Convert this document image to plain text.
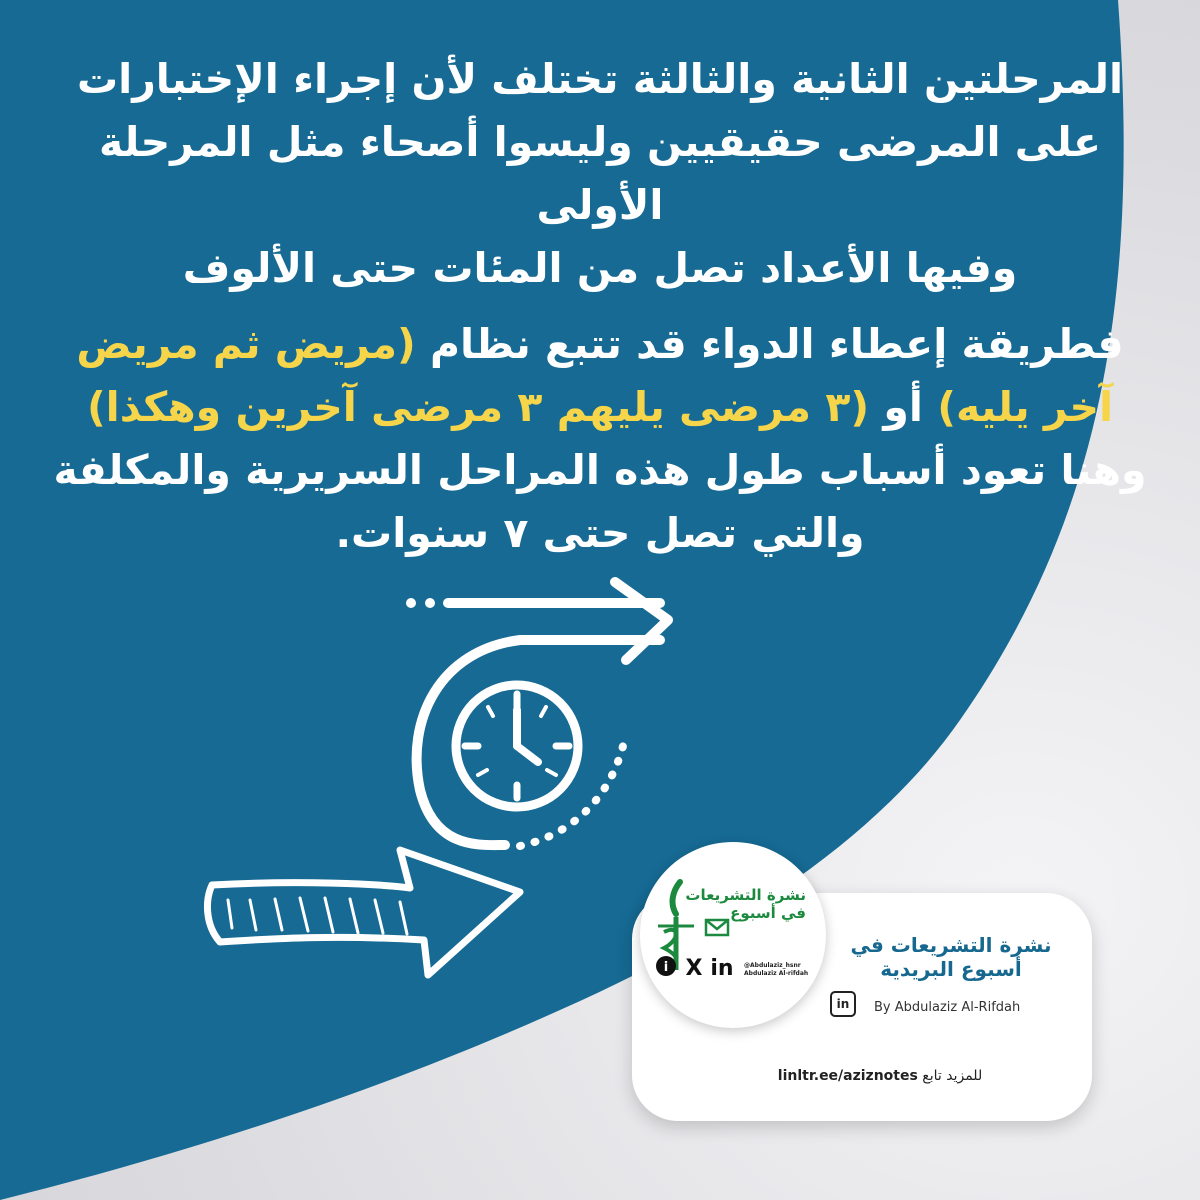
المرحلتين الثانية والثالثة تختلف لأن إجراء الإختبارات
على المرضى حقيقيين وليسوا أصحاء مثل المرحلة الأولى
وفيها الأعداد تصل من المئات حتى الألوف

فطريقة إعطاء الدواء قد تتبع نظام (مريض ثم مريض آخر يليه) أو (٣ مرضى يليهم ٣ مرضى آخرين وهكذا) وهنا تعود أسباب طول هذه المراحل السريرية والمكلفة والتي تصل حتى ٧ سنوات.

i X in

نشرة التشريعات
في أسبوع

@Abdulaziz_hsnr
Abdulaziz Al-rifdah

نشرة التشريعات في
أسبوع البريدية

in By Abdulaziz Al-Rifdah

للمزيد تابع linltr.ee/aziznotes
